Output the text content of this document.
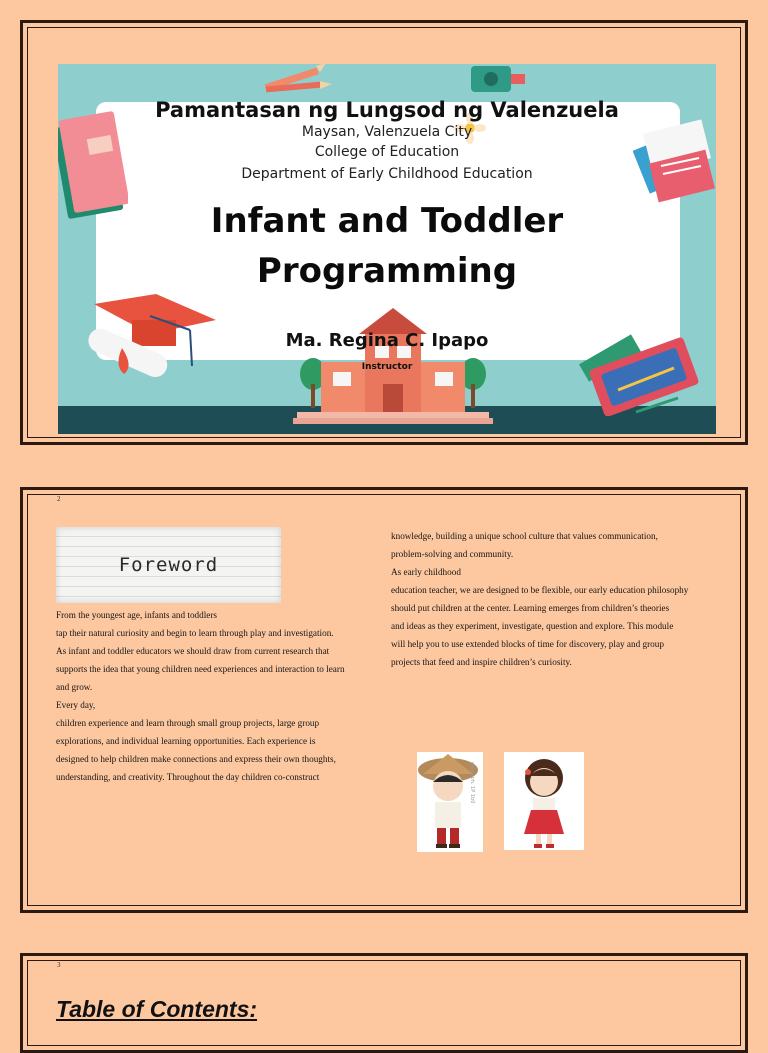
Pamantasan ng Lungsod ng Valenzuela
Maysan, Valenzuela City
College of Education
Department of Early Childhood Education
Infant and Toddler
Programming
Ma. Regina C. Ipapo
Instructor
2
Foreword

From the youngest age, infants and toddlers

tap their natural curiosity and begin to learn through play and investigation.

As infant and toddler educators we should draw from current research that

supports the idea that young children need experiences and interaction to learn

and grow.

Every day,

children experience and learn through small group projects, large group

explorations, and individual learning opportunities. Each experience is

designed to help children make connections and express their own thoughts,

understanding, and creativity. Throughout the day children co-construct

knowledge, building a unique school culture that values communication,

problem-solving and community.

As early childhood

education teacher, we are designed to be flexible, our early education philosophy

should put children at the center. Learning emerges from children’s theories

and ideas as they experiment, investigate, question and explore. This module

will help you to use extended blocks of time for discovery, play and group

projects that feed and inspire children’s curiosity.

gograph. 1P 1b0
3
Table of Contents:
